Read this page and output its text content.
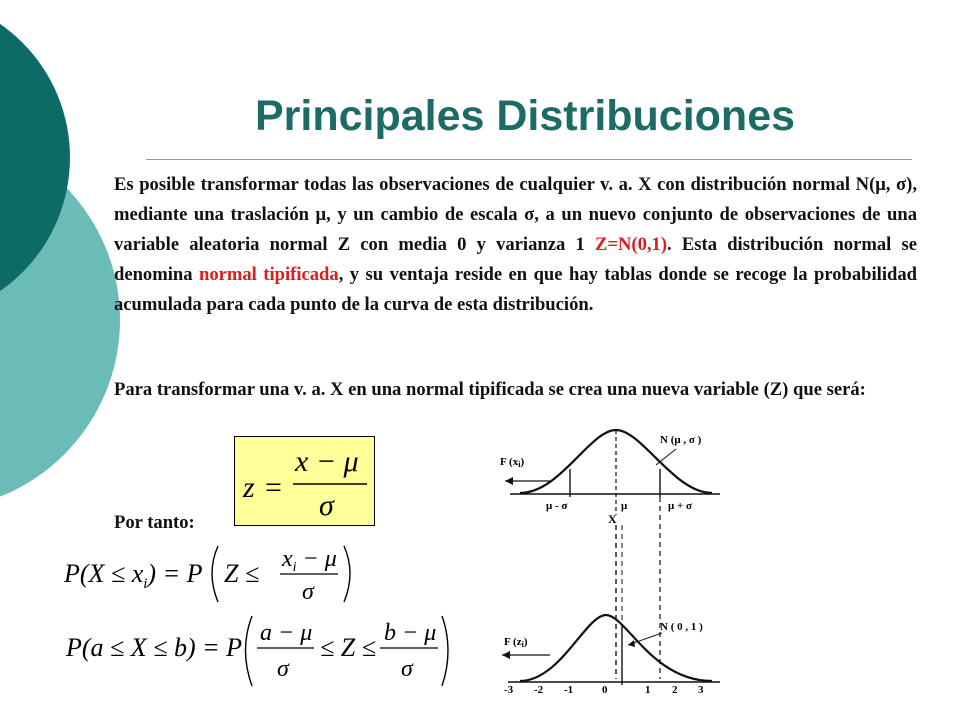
Principales Distribuciones

Es posible transformar todas las observaciones de cualquier v. a. X con distribución normal N(μ, σ), mediante una traslación μ, y un cambio de escala σ, a un nuevo conjunto de observaciones de una variable aleatoria normal Z con media 0 y varianza 1 Z=N(0,1). Esta distribución normal se denomina normal tipificada, y su ventaja reside en que hay tablas donde se recoge la probabilidad acumulada para cada punto de la curva de esta distribución.

Para transformar una v. a. X en una normal tipificada se crea una nueva variable (Z) que será:

z =
x − μ
σ

Por tanto:

$P(X \le x_i) = P$ $Z \le x_i - \mu$
σ
P(a ≤ X ≤ b) = P a − μ
σ
≤ Z ≤ b − μ
σ
F (xi)
N (μ , σ )
μ - σ	μ	μ + σ
X
F (zi)
N ( 0 , 1 )
-3 -2 -1	0	1 2 3
